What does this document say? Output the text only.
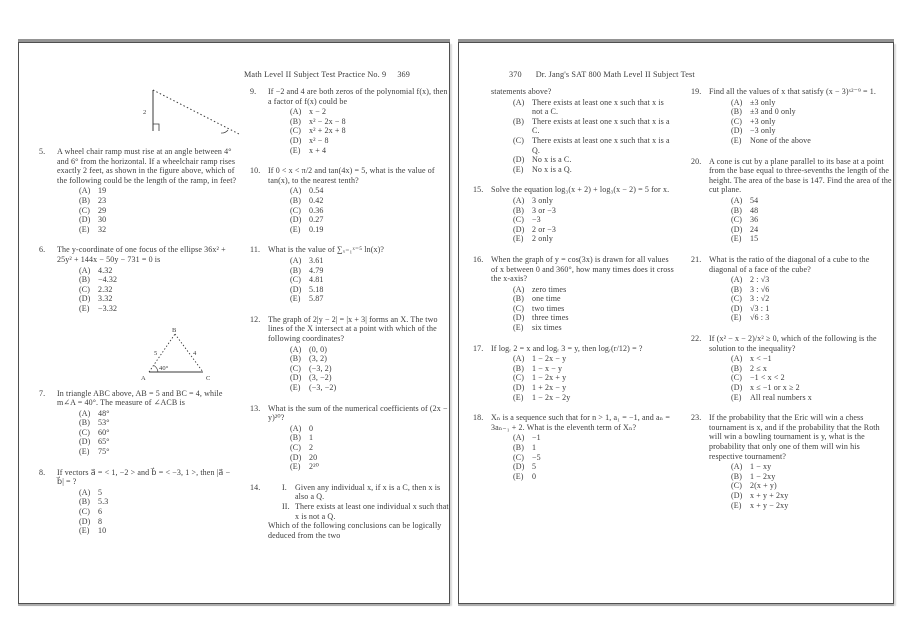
Math Level II Subject Test Practice No. 9 369
2
5.	A wheel chair ramp must rise at an angle between 4° and 6° from the horizontal. If a wheelchair ramp rises exactly 2 feet, as shown in the figure above, which of the following could be the length of the ramp, in feet?
(A) 19
(B) 23
(C) 29
(D) 30
(E)	32
6.	The y-coordinate of one focus of the ellipse 36x² + 25y² + 144x − 50y − 731 = 0 is
(A) 4.32
(B) −4.32
(C) 2.32
(D) 3.32
(E)	−3.32
B
A	C
5	4
40°
7.	In triangle ABC above, AB = 5 and BC = 4, while m∠A = 40°. The measure of ∠ACB is
(A) 48°
(B) 53°
(C) 60°
(D) 65°
(E)	75°
8.	If vectors a⃗ = < 1, −2 > and b⃗ = < −3, 1 >, then |a⃗ − b⃗| = ?
(A) 5
(B) 5.3
(C) 6
(D) 8
(E)	10
9.	If −2 and 4 are both zeros of the polynomial f(x), then a factor of f(x) could be
(A) x − 2
(B) x² − 2x − 8
(C) x² + 2x + 8
(D) x² − 8
(E)	x + 4
10. If 0 < x < π/2 and tan(4x) = 5, what is the value of tan(x), to the nearest tenth?
(A) 0.54
(B) 0.42
(C) 0.36
(D) 0.27
(E)	0.19
11. What is the value of ∑ₓ₌₁ˣ⁼⁵ ln(x)?
(A) 3.61
(B) 4.79
(C) 4.81
(D) 5.18
(E)	5.87
12. The graph of 2|y − 2| = |x + 3| forms an X. The two lines of the X intersect at a point with which of the following coordinates?
(A) (0, 0)
(B) (3, 2)
(C) (−3, 2)
(D) (3, −2)
(E)	(−3, −2)
13. What is the sum of the numerical coefficients of (2x − y)²⁰?
(A) 0
(B) 1
(C) 2
(D) 20
(E)	2²⁰
14.	I.	Given any individual x, if x is a C, then x is also a Q.
II. There exists at least one individual x such that x is not a Q.
Which of the following conclusions can be logically deduced from the two
370 Dr. Jang's SAT 800 Math Level II Subject Test
statements above?
(A) There exists at least one x such that x is not a C.
(B) There exists at least one x such that x is a C.
(C) There exists at least one x such that x is a Q.
(D) No x is a C.
(E)	No x is a Q.
15. Solve the equation log₃(x + 2) + log₃(x − 2) = 5 for x.
(A) 3 only
(B) 3 or −3
(C) −3
(D) 2 or −3
(E)	2 only
16. When the graph of y = cos(3x) is drawn for all values of x between 0 and 360°, how many times does it cross the x-axis?
(A) zero times
(B) one time
(C) two times
(D) three times
(E)	six times
17. If logᵣ 2 = x and logᵣ 3 = y, then logᵣ(r/12) = ?
(A) 1 − 2x − y
(B) 1 − x − y
(C) 1 − 2x + y
(D) 1 + 2x − y
(E)	1 − 2x − 2y
18. Xₙ is a sequence such that for n > 1, a₁ = −1, and aₙ = 3aₙ₋₁ + 2. What is the eleventh term of Xₙ?
(A) −1
(B) 1
(C) −5
(D) 5
(E)	0
19. Find all the values of x that satisfy (x − 3)ˣ²⁻⁹ = 1.
(A) ±3 only
(B) ±3 and 0 only
(C) +3 only
(D) −3 only
(E)	None of the above
20. A cone is cut by a plane parallel to its base at a point from the base equal to three-sevenths the length of the height. The area of the base is 147. Find the area of the cut plane.
(A) 54
(B) 48
(C) 36
(D) 24
(E)	15
21. What is the ratio of the diagonal of a cube to the diagonal of a face of the cube?
(A) 2 : √3
(B) 3 : √6
(C) 3 : √2
(D) √3 : 1
(E)	√6 : 3
22. If (x² − x − 2)/x² ≥ 0, which of the following is the solution to the inequality?
(A) x < −1
(B) 2 ≤ x
(C) −1 < x < 2
(D) x ≤ −1 or x ≥ 2
(E)	All real numbers x
23. If the probability that the Eric will win a chess tournament is x, and if the probability that the Roth will win a bowling tournament is y, what is the probability that only one of them will win his respective tournament?
(A) 1 − xy
(B) 1 − 2xy
(C) 2(x + y)
(D) x + y + 2xy
(E)	x + y − 2xy
